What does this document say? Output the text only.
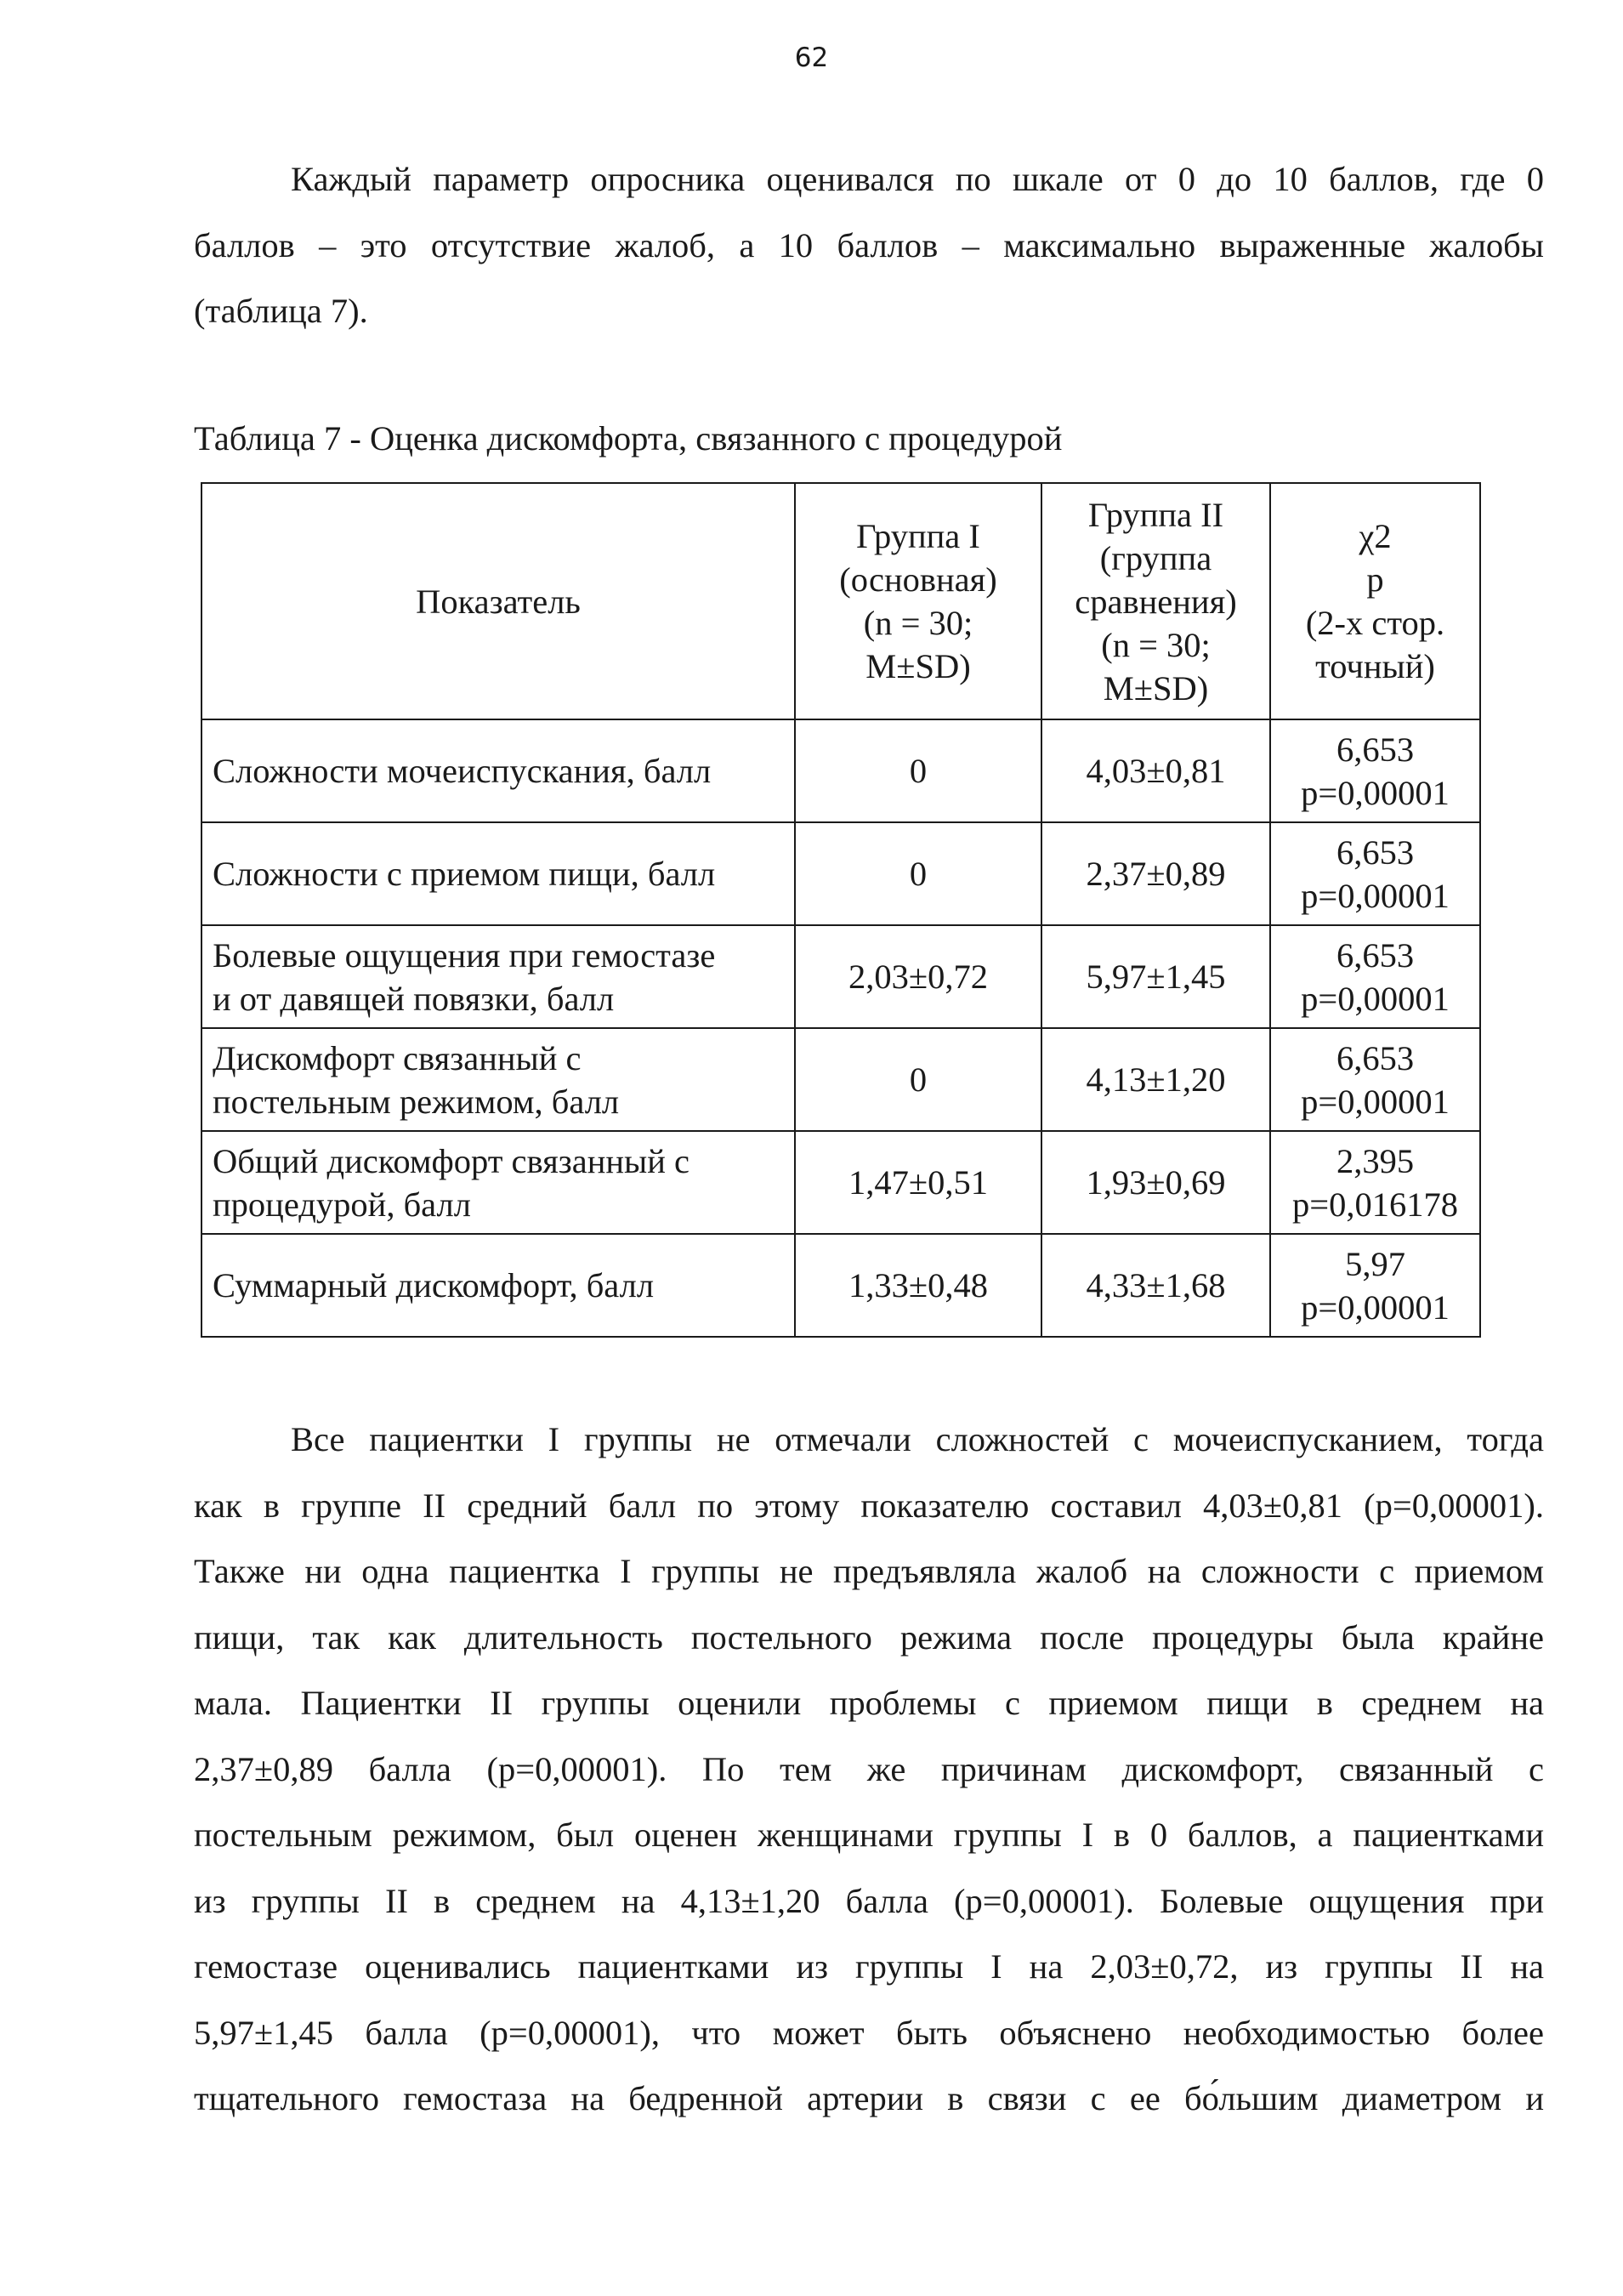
62

Каждый параметр опросника оценивался по шкале от 0 до 10 баллов, где 0
баллов – это отсутствие жалоб, а 10 баллов – максимально выраженные жалобы
(таблица 7).

Таблица 7 - Оценка дискомфорта, связанного с процедурой
Показатель	Группа I
(основная)
(n = 30;
M±SD)	Группа II
(группа
сравнения)
(n = 30;
M±SD)	χ2
p
(2-х стор.
точный)

Сложности мочеиспускания, балл	0	4,03±0,81	6,653
p=0,00001

Сложности с приемом пищи, балл	0	2,37±0,89	6,653
p=0,00001

Болевые ощущения при гемостазе
и от давящей повязки, балл	2,03±0,72	5,97±1,45	6,653
p=0,00001

Дискомфорт связанный с
постельным режимом, балл	0	4,13±1,20	6,653
p=0,00001

Общий дискомфорт связанный с
процедурой, балл	1,47±0,51	1,93±0,69	2,395
p=0,016178

Суммарный дискомфорт, балл	1,33±0,48	4,33±1,68	5,97
p=0,00001

Все пациентки I группы не отмечали сложностей с мочеиспусканием, тогда
как в группе II средний балл по этому показателю составил 4,03±0,81 (р=0,00001).
Также ни одна пациентка I группы не предъявляла жалоб на сложности с приемом
пищи, так как длительность постельного режима после процедуры была крайне
мала. Пациентки II группы оценили проблемы с приемом пищи в среднем на
2,37±0,89 балла (р=0,00001). По тем же причинам дискомфорт, связанный с
постельным режимом, был оценен женщинами группы I в 0 баллов, а пациентками
из группы II в среднем на 4,13±1,20 балла (р=0,00001). Болевые ощущения при
гемостазе оценивались пациентками из группы I на 2,03±0,72, из группы II на
5,97±1,45 балла (р=0,00001), что может быть объяснено необходимостью более
тщательного гемостаза на бедренной артерии в связи с ее бо́льшим диаметром и
